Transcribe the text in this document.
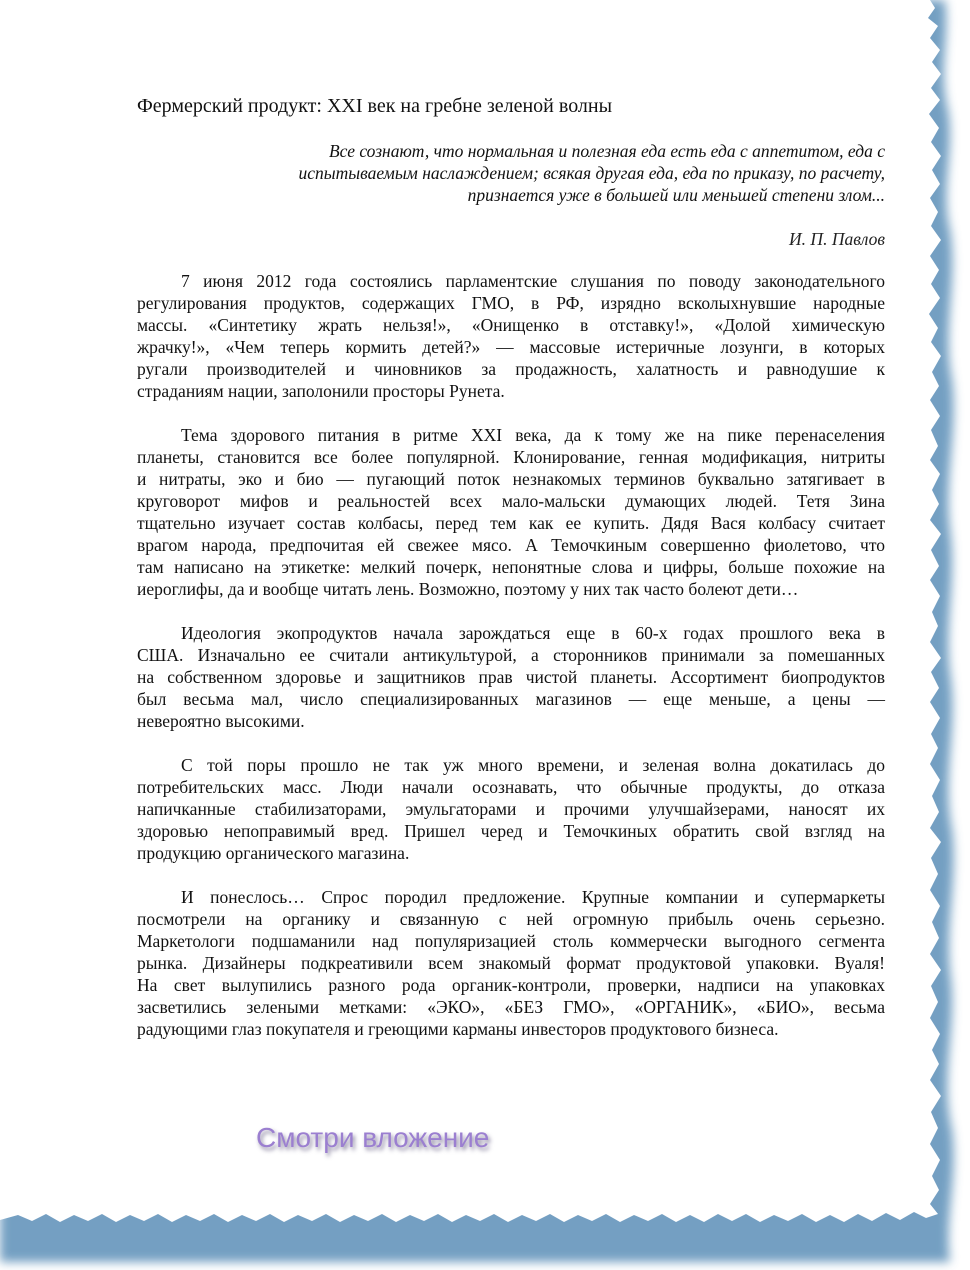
Фермерский продукт: XXI век на гребне зеленой волны
Все сознают, что нормальная и полезная еда есть еда с аппетитом, еда с
испытываемым наслаждением; всякая другая еда, еда по приказу, по расчету,
признается уже в большей или меньшей степени злом...
И. П. Павлов
7 июня 2012 года состоялись парламентские слушания по поводу законодательного
регулирования продуктов, содержащих ГМО, в РФ, изрядно всколыхнувшие народные
массы. «Синтетику жрать нельзя!», «Онищенко в отставку!», «Долой химическую
жрачку!», «Чем теперь кормить детей?» — массовые истеричные лозунги, в которых
ругали производителей и чиновников за продажность, халатность и равнодушие к
страданиям нации, заполонили просторы Рунета.
Тема здорового питания в ритме XXI века, да к тому же на пике перенаселения
планеты, становится все более популярной. Клонирование, генная модификация, нитриты
и нитраты, эко и био — пугающий поток незнакомых терминов буквально затягивает в
круговорот мифов и реальностей всех мало-мальски думающих людей. Тетя Зина
тщательно изучает состав колбасы, перед тем как ее купить. Дядя Вася колбасу считает
врагом народа, предпочитая ей свежее мясо. А Темочкиным совершенно фиолетово, что
там написано на этикетке: мелкий почерк, непонятные слова и цифры, больше похожие на
иероглифы, да и вообще читать лень. Возможно, поэтому у них так часто болеют дети…
Идеология экопродуктов начала зарождаться еще в 60-х годах прошлого века в
США. Изначально ее считали антикультурой, а сторонников принимали за помешанных
на собственном здоровье и защитников прав чистой планеты. Ассортимент биопродуктов
был весьма мал, число специализированных магазинов — еще меньше, а цены —
невероятно высокими.
С той поры прошло не так уж много времени, и зеленая волна докатилась до
потребительских масс. Люди начали осознавать, что обычные продукты, до отказа
напичканные стабилизаторами, эмульгаторами и прочими улучшайзерами, наносят их
здоровью непоправимый вред. Пришел черед и Темочкиных обратить свой взгляд на
продукцию органического магазина.
И понеслось… Спрос породил предложение. Крупные компании и супермаркеты
посмотрели на органику и связанную с ней огромную прибыль очень серьезно.
Маркетологи подшаманили над популяризацией столь коммерчески выгодного сегмента
рынка. Дизайнеры подкреативили всем знакомый формат продуктовой упаковки. Вуаля!
На свет вылупились разного рода органик-контроли, проверки, надписи на упаковках
засветились зелеными метками: «ЭКО», «БЕЗ ГМО», «ОРГАНИК», «БИО», весьма
радующими глаз покупателя и греющими карманы инвесторов продуктового бизнеса.
Смотри вложение
